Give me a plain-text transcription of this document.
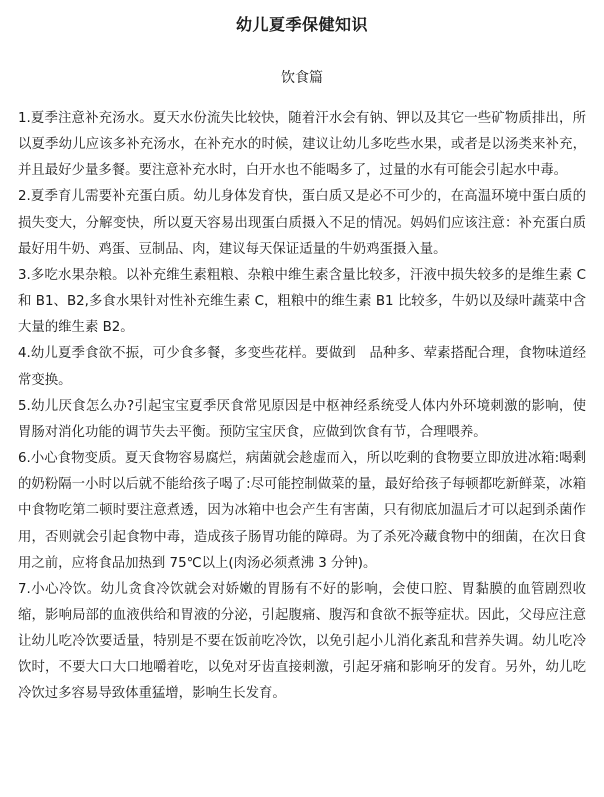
幼儿夏季保健知识
饮食篇

1.夏季注意补充汤水。夏天水份流失比较快，随着汗水会有钠、钾以及其它一些矿物质排出，所以夏季幼儿应该多补充汤水，在补充水的时候，建议让幼儿多吃些水果，或者是以汤类来补充，并且最好少量多餐。要注意补充水时，白开水也不能喝多了，过量的水有可能会引起水中毒。

2.夏季育儿需要补充蛋白质。幼儿身体发育快，蛋白质又是必不可少的，在高温环境中蛋白质的损失变大，分解变快，所以夏天容易出现蛋白质摄入不足的情况。妈妈们应该注意：补充蛋白质最好用牛奶、鸡蛋、豆制品、肉，建议每天保证适量的牛奶鸡蛋摄入量。

3.多吃水果杂粮。以补充维生素粗粮、杂粮中维生素含量比较多，汗液中损失较多的是维生素 C 和 B1、B2,多食水果针对性补充维生素 C，粗粮中的维生素 B1 比较多，牛奶以及绿叶蔬菜中含大量的维生素 B2。

4.幼儿夏季食欲不振，可少食多餐，多变些花样。要做到　品种多、荤素搭配合理，食物味道经常变换。

5.幼儿厌食怎么办?引起宝宝夏季厌食常见原因是中枢神经系统受人体内外环境刺激的影响，使胃肠对消化功能的调节失去平衡。预防宝宝厌食，应做到饮食有节，合理喂养。

6.小心食物变质。夏天食物容易腐烂，病菌就会趁虚而入，所以吃剩的食物要立即放进冰箱:喝剩的奶粉隔一小时以后就不能给孩子喝了:尽可能控制做菜的量，最好给孩子每顿都吃新鲜菜，冰箱中食物吃第二顿时要注意煮透，因为冰箱中也会产生有害菌，只有彻底加温后才可以起到杀菌作用，否则就会引起食物中毒，造成孩子肠胃功能的障碍。为了杀死冷藏食物中的细菌，在次日食用之前，应将食品加热到 75℃以上(肉汤必须煮沸 3 分钟)。

7.小心冷饮。幼儿贪食冷饮就会对娇嫩的胃肠有不好的影响，会使口腔、胃黏膜的血管剧烈收缩，影响局部的血液供给和胃液的分泌，引起腹痛、腹泻和食欲不振等症状。因此，父母应注意让幼儿吃冷饮要适量，特别是不要在饭前吃冷饮，以免引起小儿消化紊乱和营养失调。幼儿吃冷饮时，不要大口大口地嚼着吃，以免对牙齿直接刺激，引起牙痛和影响牙的发育。另外，幼儿吃冷饮过多容易导致体重猛增，影响生长发育。
